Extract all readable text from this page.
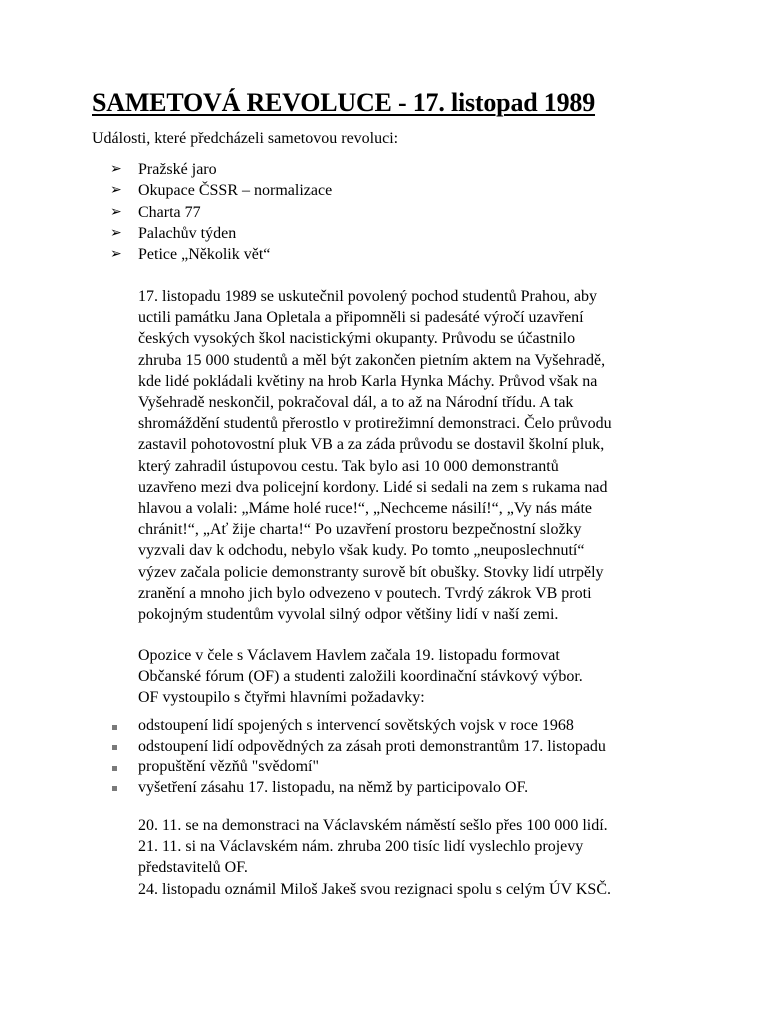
SAMETOVÁ REVOLUCE - 17. listopad 1989

Události, které předcházeli sametovou revoluci:

➢	Pražské jaro
➢	Okupace ČSSR – normalizace
➢	Charta 77
➢	Palachův týden
➢	Petice „Několik vět“

17. listopadu 1989 se uskutečnil povolený pochod studentů Prahou, aby
uctili památku Jana Opletala a připomněli si padesáté výročí uzavření
českých vysokých škol nacistickými okupanty. Průvodu se účastnilo
zhruba 15 000 studentů a měl být zakončen pietním aktem na Vyšehradě,
kde lidé pokládali květiny na hrob Karla Hynka Máchy. Průvod však na
Vyšehradě neskončil, pokračoval dál, a to až na Národní třídu. A tak
shromáždění studentů přerostlo v protirežimní demonstraci. Čelo průvodu
zastavil pohotovostní pluk VB a za záda průvodu se dostavil školní pluk,
který zahradil ústupovou cestu. Tak bylo asi 10 000 demonstrantů
uzavřeno mezi dva policejní kordony. Lidé si sedali na zem s rukama nad
hlavou a volali: „Máme holé ruce!“, „Nechceme násilí!“, „Vy nás máte
chránit!“, „Ať žije charta!“ Po uzavření prostoru bezpečnostní složky
vyzvali dav k odchodu, nebylo však kudy. Po tomto „neuposlechnutí“
výzev začala policie demonstranty surově bít obušky. Stovky lidí utrpěly
zranění a mnoho jich bylo odvezeno v poutech. Tvrdý zákrok VB proti
pokojným studentům vyvolal silný odpor většiny lidí v naší zemi.

Opozice v čele s Václavem Havlem začala 19. listopadu formovat
Občanské fórum (OF) a studenti založili koordinační stávkový výbor.
OF vystoupilo s čtyřmi hlavními požadavky:

odstoupení lidí spojených s intervencí sovětských vojsk v roce 1968
odstoupení lidí odpovědných za zásah proti demonstrantům 17. listopadu
propuštění vězňů "svědomí"
vyšetření zásahu 17. listopadu, na němž by participovalo OF.

20. 11. se na demonstraci na Václavském náměstí sešlo přes 100 000 lidí.
21. 11. si na Václavském nám. zhruba 200 tisíc lidí vyslechlo projevy
představitelů OF.
24. listopadu oznámil Miloš Jakeš svou rezignaci spolu s celým ÚV KSČ.
